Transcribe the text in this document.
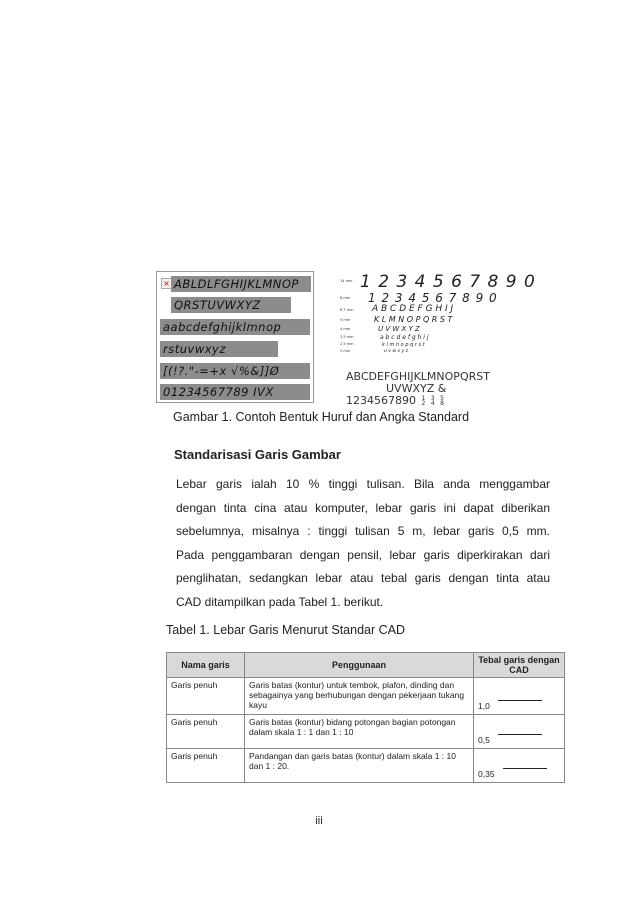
× ABLDLFGHIJKLMNOP
QRSTUVWXYZ
aabcdefghijklmnop
rstuvwxyz
[(!?."-=+x √%&]]Ø
01234567789 IVX
14 mm
8 mm
6,7 mm
5 mm
4 mm
3,5 mm
2,5 mm
2 mm
1 2 3 4 5 6 7 8 9 0
1 2 3 4 5 6 7 8 9 0
A B C D E F G H I J
K L M N O P Q R S T
U V W X Y Z
a b c d e f g h i j
k l m n o p q r s t
u v w x y z
ABCDEFGHIJKLMNOPQRST
UVWXYZ &
1234567890 1
2 3
4 5
8
Gambar 1. Contoh Bentuk Huruf dan Angka Standard
Standarisasi Garis Gambar
Lebar garis ialah 10 % tinggi tulisan. Bila anda menggambar
dengan tinta cina atau komputer, lebar garis ini dapat diberikan
sebelumnya, misalnya : tinggi tulisan 5 m, lebar garis 0,5 mm.
Pada penggambaran dengan pensil, lebar garis diperkirakan dari
penglihatan, sedangkan lebar atau tebal garis dengan tinta atau
CAD ditampilkan pada Tabel 1. berikut.
Tabel 1. Lebar Garis Menurut Standar CAD
Nama garis	Penggunaan	Tebal garis dengan CAD
Garis penuh	Garis batas (kontur) untuk tembok, plafon, dinding dan sebagainya yang berhubungan dengan pekerjaan tukang kayu	1,0
Garis penuh	Garis batas (kontur) bidang potongan bagian potongan dalam skala 1 : 1 dan 1 : 10	0,5
Garis penuh	Pandangan dan garis batas (kontur) dalam skala 1 : 10 dan 1 : 20.	0,35
iii
